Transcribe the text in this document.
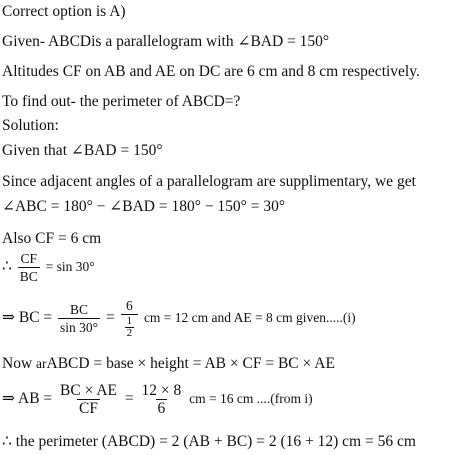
Correct option is A)
Given- ABCDis a parallelogram with ∠BAD = 150°
Altitudes CF on AB and AE on DC are 6 cm and 8 cm respectively.
To find out- the perimeter of ABCD=?
Solution:
Given that ∠BAD = 150°
Since adjacent angles of a parallelogram are supplimentary, we get
∠ABC = 180° − ∠BAD = 180° − 150° = 30°
Also CF = 6 cm
∴ $\frac{CF}{BC} = \sin 30^\circ$
⇒ BC = $\frac{BC}{\sin 30^\circ} = \frac{6}{\frac{1}{2}}$ cm = 12 cm and AE = 8 cm given.....(i)
Now arABCD = base × height = AB × CF = BC × AE
⇒ AB = $\frac{BC \times AE}{CF} = \frac{12 \times 8}{6}$ cm = 16 cm ....(from i)
∴ the perimeter (ABCD) = 2 (AB + BC) = 2 (16 + 12) cm = 56 cm
